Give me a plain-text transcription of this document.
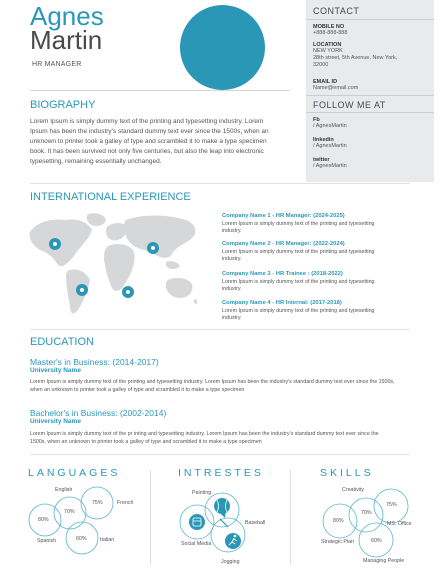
Agnes
Martin
HR MANAGER
CONTACT
MOBILE NO
+888-888-888
LOCATION
NEW YORK
28th street, 5th Avenue, New York,
32000
EMAIL ID
Name@email.com
FOLLOW ME AT
Fb
/ AgnesMartin
linkedin
/ AgnesMartin
twitter
/ AgnesMartin
BIOGRAPHY
Lorem Ipsum is simply dummy text of the printing and typesetting industry. Lorem
Ipsum has been the industry's standard dummy text ever since the 1500s, when an
unknown to printer took a galley of type and scrambled it to make a type specimen
book. It has been survived not only five centuries, but also the leap into electronic
typesetting, remaining essentially unchanged.
INTERNATIONAL EXPERIENCE
Company Name 1 - HR Manager: (2024-2025)
Lorem Ipsum is simply dummy text of the printing and typesetting
industry.
Company Name 2 - HR Manager: (2022-2024)
Lorem Ipsum is simply dummy text of the printing and typesetting
industry.
Company Name 3 - HR Trainee : (2018-2022)
Lorem Ipsum is simply dummy text of the printing and typesetting
industry.
Company Name 4 - HR Internal: (2017-2018)
Lorem Ipsum is simply dummy text of the printing and typesetting
industry.
EDUCATION
Master's in Business: (2014-2017)
University Name
Lorem Ipsum is simply dummy text of the printing and typesetting industry. Lorem Ipsum has been the industry's standard dummy text ever since the 1500s,
when an unknown to printer took a galley of type and scrambled it to make a type specimen
Bachelor's in Business: (2002-2014)
University Name
Lorem Ipsum is simply dummy text of the pr inting and typesetting industry. Lorem Ipsum has been the industry's standard dummy text ever since the
1500s, when an unknown to printer took a galley of type and scrambled it to make a type specimen
LANGUAGES
English
70%
French
75%
Spanish
80%
Italian
60%
INTRESTES
Painting
Baseball
Social Media
Jogging
SKILLS
Creativity
70%
MS. Office
75%
Strategic Plan
80%
Managing People
60%
